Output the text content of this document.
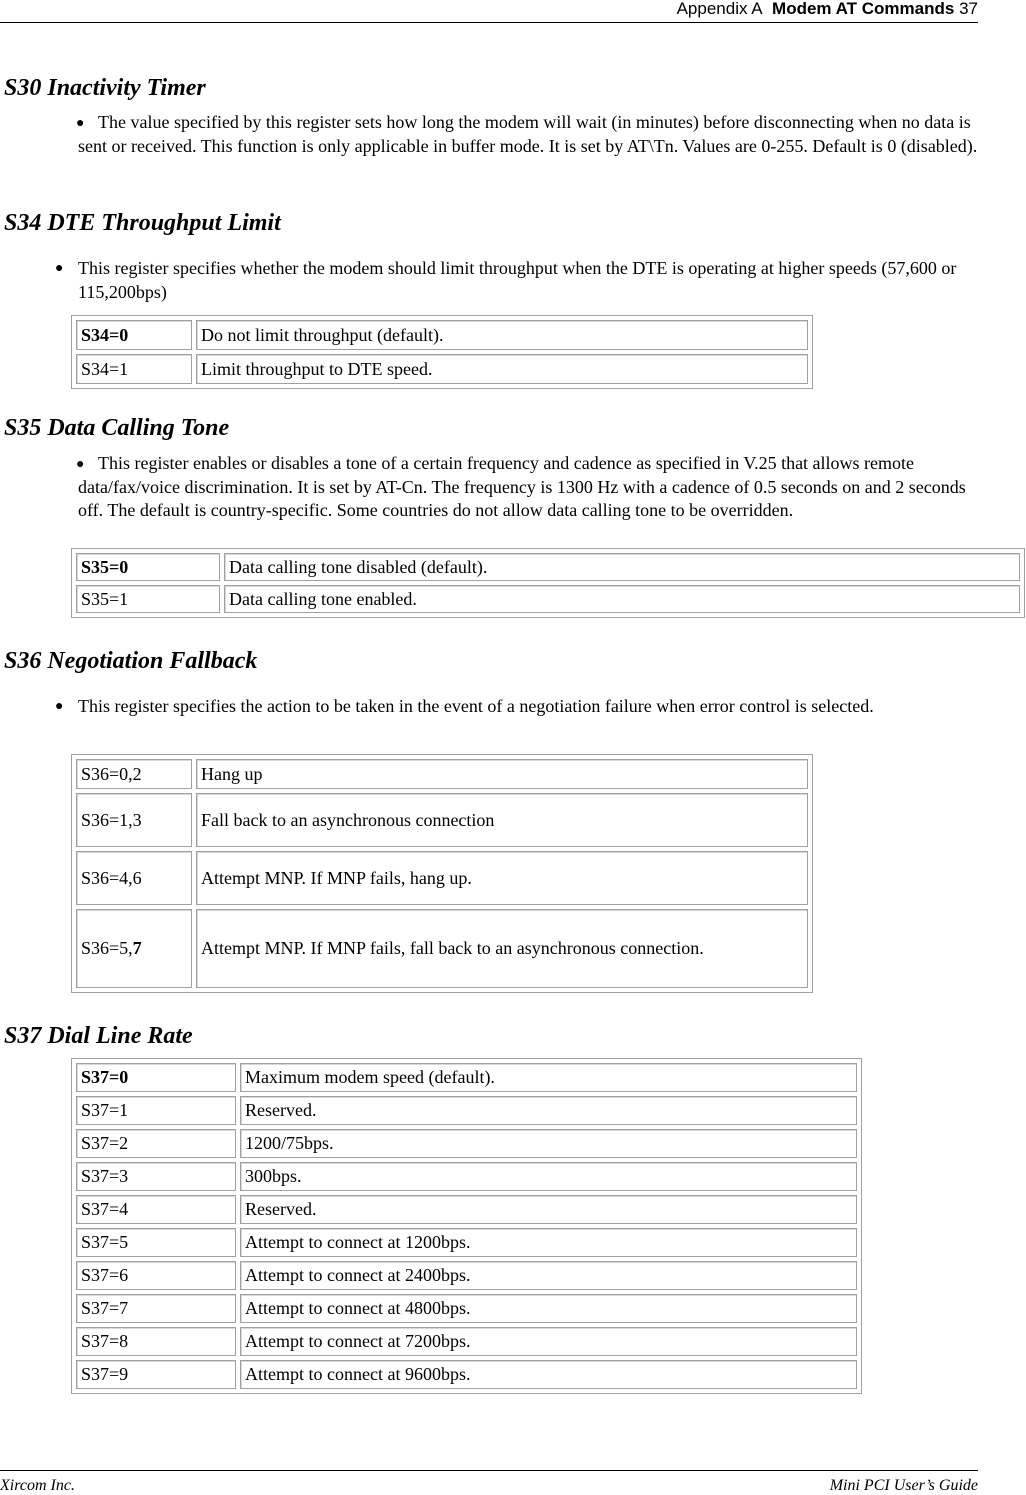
Appendix A Modem AT Commands 37
S30 Inactivity Timer

● The value specified by this register sets how long the modem will wait (in minutes) before disconnecting when no data is sent or received. This function is only applicable in buffer mode. It is set by AT\Tn. Values are 0-255. Default is 0 (disabled).

S34 DTE Throughput Limit
● This register specifies whether the modem should limit throughput when the DTE is operating at higher speeds (57,600 or 115,200bps)

S34=0	Do not limit throughput (default).
S34=1	Limit throughput to DTE speed.
S35 Data Calling Tone

● This register enables or disables a tone of a certain frequency and cadence as specified in V.25 that allows remote data/fax/voice discrimination. It is set by AT-Cn. The frequency is 1300 Hz with a cadence of 0.5 seconds on and 2 seconds off. The default is country-specific. Some countries do not allow data calling tone to be overridden.

S35=0	Data calling tone disabled (default).
S35=1	Data calling tone enabled.
S36 Negotiation Fallback
● This register specifies the action to be taken in the event of a negotiation failure when error control is selected.

S36=0,2	Hang up
S36=1,3	Fall back to an asynchronous connection
S36=4,6	Attempt MNP. If MNP fails, hang up.
S36=5,7	Attempt MNP. If MNP fails, fall back to an asynchronous connection.
S37 Dial Line Rate
S37=0	Maximum modem speed (default).
S37=1	Reserved.
S37=2	1200/75bps.
S37=3	300bps.
S37=4	Reserved.
S37=5	Attempt to connect at 1200bps.
S37=6	Attempt to connect at 2400bps.
S37=7	Attempt to connect at 4800bps.
S37=8	Attempt to connect at 7200bps.
S37=9	Attempt to connect at 9600bps.
Xircom Inc.	Mini PCI User’s Guide
